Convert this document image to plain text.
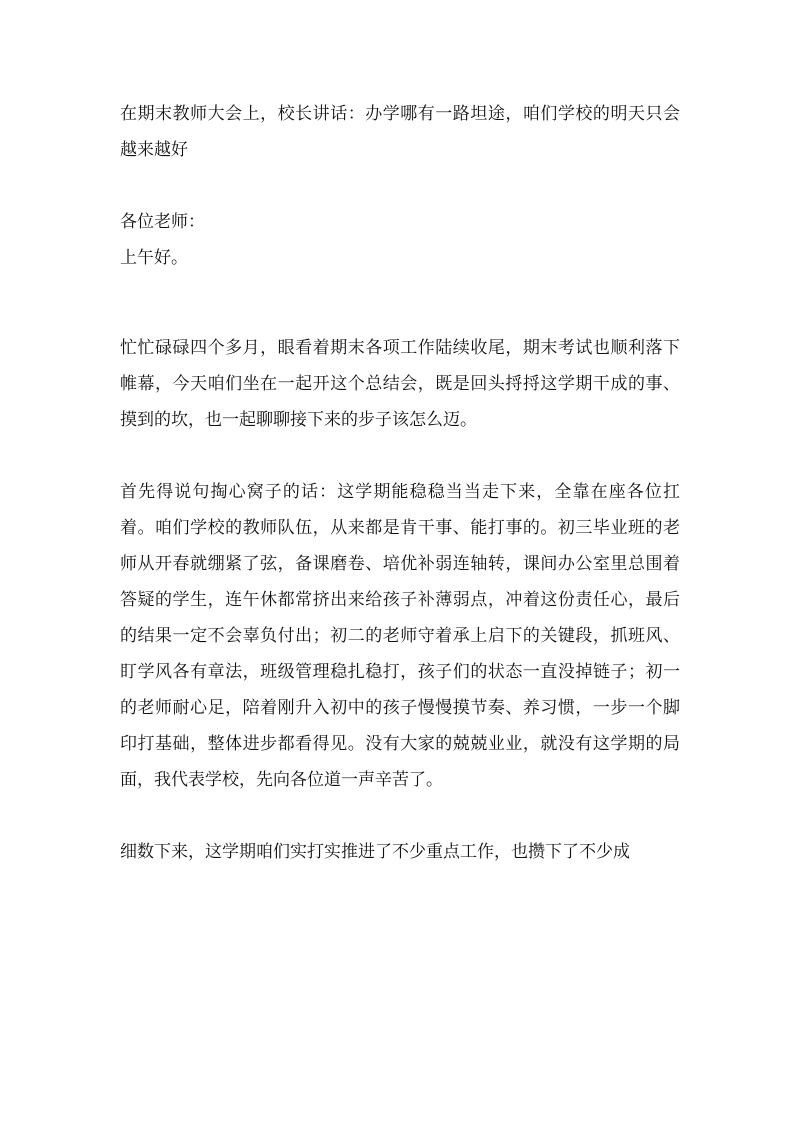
在期末教师大会上，校长讲话：办学哪有一路坦途，咱们学校的明天只会越来越好

各位老师：

上午好。

忙忙碌碌四个多月，眼看着期末各项工作陆续收尾，期末考试也顺利落下帷幕，今天咱们坐在一起开这个总结会，既是回头捋捋这学期干成的事、摸到的坎，也一起聊聊接下来的步子该怎么迈。

首先得说句掏心窝子的话：这学期能稳稳当当走下来，全靠在座各位扛着。咱们学校的教师队伍，从来都是肯干事、能打事的。初三毕业班的老师从开春就绷紧了弦，备课磨卷、培优补弱连轴转，课间办公室里总围着答疑的学生，连午休都常挤出来给孩子补薄弱点，冲着这份责任心，最后的结果一定不会辜负付出；初二的老师守着承上启下的关键段，抓班风、盯学风各有章法，班级管理稳扎稳打，孩子们的状态一直没掉链子；初一的老师耐心足，陪着刚升入初中的孩子慢慢摸节奏、养习惯，一步一个脚印打基础，整体进步都看得见。没有大家的兢兢业业，就没有这学期的局面，我代表学校，先向各位道一声辛苦了。

细数下来，这学期咱们实打实推进了不少重点工作，也攒下了不少成
